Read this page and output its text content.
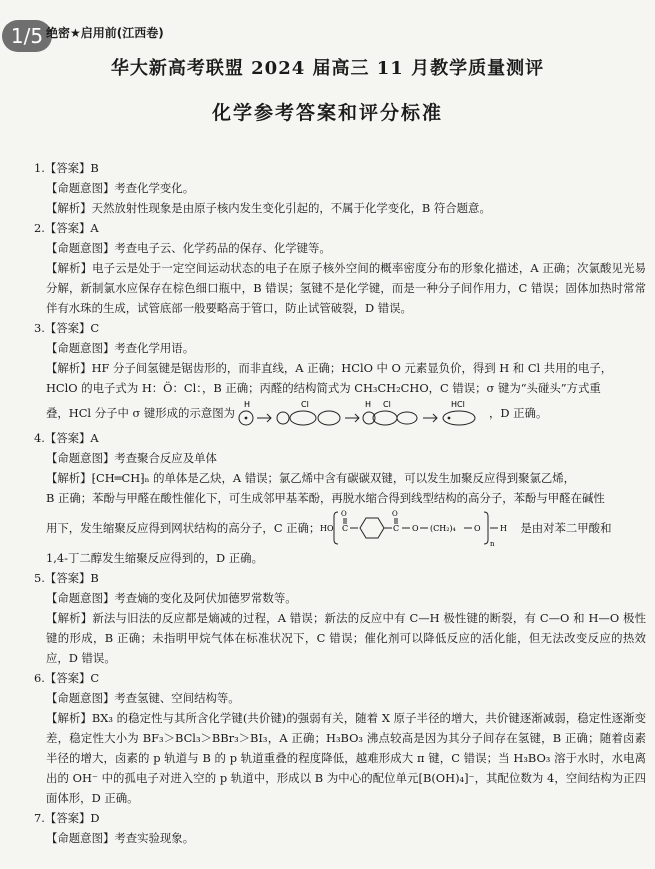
1/5 绝密★启用前(江西卷)
华大新高考联盟 2024 届高三 11 月教学质量测评
化学参考答案和评分标准
1.【答案】B
【命题意图】考查化学变化。
【解析】天然放射性现象是由原子核内发生变化引起的，不属于化学变化，B 符合题意。
2.【答案】A
【命题意图】考查电子云、化学药品的保存、化学键等。
【解析】电子云是处于一定空间运动状态的电子在原子核外空间的概率密度分布的形象化描述，A 正确；次氯酸见光易分解，新制氯水应保存在棕色细口瓶中，B 错误；氢键不是化学键，而是一种分子间作用力，C 错误；固体加热时常常伴有水珠的生成，试管底部一般要略高于管口，防止试管破裂，D 错误。
3.【答案】C
【命题意图】考查化学用语。
【解析】HF 分子间氢键是锯齿形的，而非直线，A 正确；HClO 中 O 元素显负价，得到 H 和 Cl 共用的电子，
HClO 的电子式为 H：Ö：Cl：，B 正确；丙醛的结构简式为 CH₃CH₂CHO，C 错误；σ 键为“头碰头”方式重
叠，HCl 分子中 σ 键形成的示意图为
H	Cl	H Cl	HCl
，D 正确。
4.【答案】A
【命题意图】考查聚合反应及单体
【解析】⁅CH═CH⁆ₙ 的单体是乙炔，A 错误；氯乙烯中含有碳碳双键，可以发生加聚反应得到聚氯乙烯，
B 正确；苯酚与甲醛在酸性催化下，可生成邻甲基苯酚，再脱水缩合得到线型结构的高分子，苯酚与甲醛在碱性
用下，发生缩聚反应得到网状结构的高分子，C 正确； HO C
O
C
O
O (CH₂)₄ O
n
H 是由对苯二甲酸和
1,4-丁二醇发生缩聚反应得到的，D 正确。
5.【答案】B
【命题意图】考查熵的变化及阿伏加德罗常数等。
【解析】新法与旧法的反应都是熵减的过程，A 错误；新法的反应中有 C—H 极性键的断裂，有 C—O 和 H—O 极性键的形成，B 正确；未指明甲烷气体在标准状况下，C 错误；催化剂可以降低反应的活化能，但无法改变反应的热效应，D 错误。
6.【答案】C
【命题意图】考查氢键、空间结构等。
【解析】BX₃ 的稳定性与其所含化学键(共价键)的强弱有关，随着 X 原子半径的增大，共价键逐渐减弱，稳定性逐渐变差，稳定性大小为 BF₃＞BCl₃＞BBr₃＞BI₃，A 正确；H₃BO₃ 沸点较高是因为其分子间存在氢键，B 正确；随着卤素半径的增大，卤素的 p 轨道与 B 的 p 轨道重叠的程度降低，越难形成大 π 键，C 错误；当 H₃BO₃ 溶于水时，水电离出的 OH⁻ 中的孤电子对进入空的 p 轨道中，形成以 B 为中心的配位单元[B(OH)₄]⁻，其配位数为 4，空间结构为正四面体形，D 正确。
7.【答案】D
【命题意图】考查实验现象。
